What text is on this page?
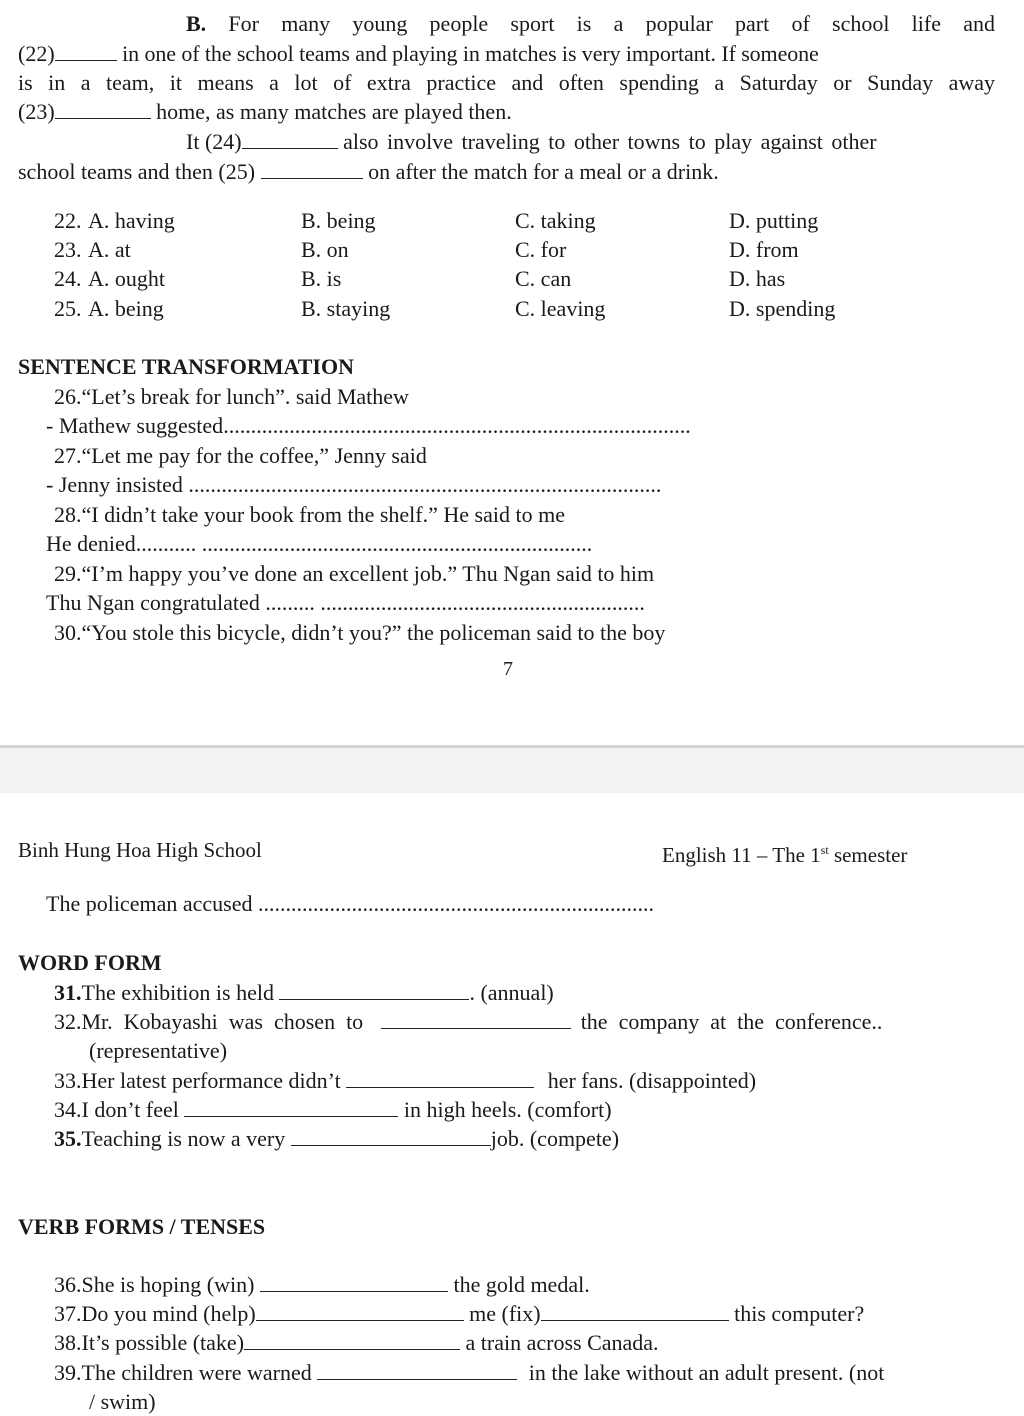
B. For many young people sport is a popular part of school life and
(22)	in one of the school teams and playing in matches is very important. If someone
is in a team, it means a lot of extra practice and often spending a Saturday or Sunday away
(23)	home, as many matches are played then.
It (24)	also involve traveling to other towns to play against other
school teams and then (25)	on after the match for a meal or a drink.
22. A. having	B. being	C. taking	D. putting
23. A. at	B. on	C. for	D. from
24. A. ought	B. is	C. can	D. has
25. A. being	B. staying	C. leaving	D. spending
SENTENCE TRANSFORMATION
26.“Let’s break for lunch”. said Mathew
- Mathew suggested.....................................................................................
27.“Let me pay for the coffee,” Jenny said
- Jenny insisted ......................................................................................
28.“I didn’t take your book from the shelf.” He said to me
He denied........... .......................................................................
29.“I’m happy you’ve done an excellent job.” Thu Ngan said to him
Thu Ngan congratulated ......... ...........................................................
30.“You stole this bicycle, didn’t you?” the policeman said to the boy
7
Binh Hung Hoa High School	English 11 – The 1st semester
The policeman accused ........................................................................
WORD FORM
31.The exhibition is held	. (annual)
32.Mr.  Kobayashi  was  chosen  to	the  company  at  the  conference..
(representative)
33.Her latest performance didn’t	her fans. (disappointed)
34.I don’t feel	in high heels. (comfort)
35.Teaching is now a very	job. (compete)
VERB FORMS / TENSES
36.She is hoping (win)	the gold medal.
37.Do you mind (help)	me (fix)	this computer?
38.It’s possible (take)	a train across Canada.
39.The children were warned	in the lake without an adult present. (not
/ swim)
